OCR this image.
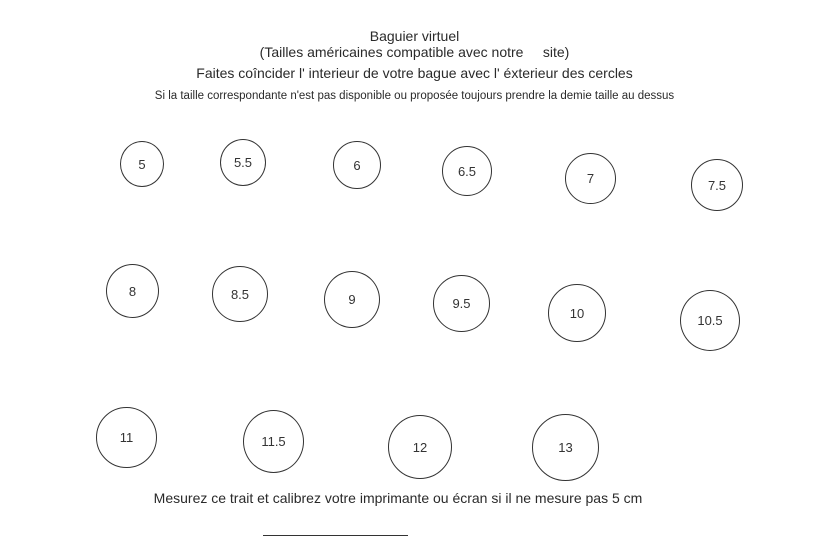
Baguier virtuel
(Tailles américaines compatible avec notre     site)
Faites coîncider l' interieur de votre bague avec l' éxterieur des cercles
Si la taille correspondante n'est pas disponible ou proposée toujours prendre la demie taille au dessus
5	5.5	6	6.5	7	7.5
8	8.5	9	9.5
10	10.5
11	11.5	12	13
Mesurez ce trait et calibrez votre imprimante ou écran si il ne mesure pas 5 cm
